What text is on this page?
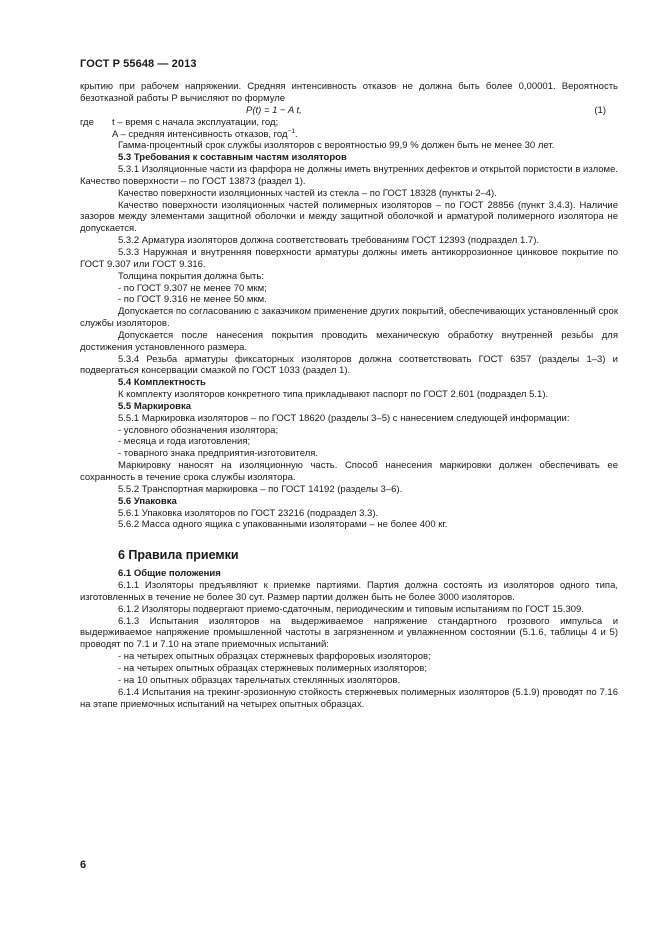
ГОСТ Р 55648 — 2013

крытию при рабочем напряжении. Средняя интенсивность отказов не должна быть более 0,00001. Вероятность безотказной работы P вычисляют по формуле

P(t) = 1 − A t,	(1)
где	t – время с начала эксплуатации, год;
A – средняя интенсивность отказов, год$^{-1}$.

Гамма-процентный срок службы изоляторов с вероятностью 99,9 % должен быть не менее 30 лет.

5.3 Требования к составным частям изоляторов

5.3.1 Изоляционные части из фарфора не должны иметь внутренних дефектов и открытой пористости в изломе. Качество поверхности – по ГОСТ 13873 (раздел 1).

Качество поверхности изоляционных частей из стекла – по ГОСТ 18328 (пункты 2–4).

Качество поверхности изоляционных частей полимерных изоляторов – по ГОСТ 28856 (пункт 3.4.3). Наличие зазоров между элементами защитной оболочки и между защитной оболочкой и арматурой полимерного изолятора не допускается.

5.3.2 Арматура изоляторов должна соответствовать требованиям ГОСТ 12393 (подраздел 1.7).

5.3.3 Наружная и внутренняя поверхности арматуры должны иметь антикоррозионное цинковое покрытие по ГОСТ 9.307 или ГОСТ 9.316.

Толщина покрытия должна быть:

- по ГОСТ 9.307 не менее 70 мкм;

- по ГОСТ 9.316 не менее 50 мкм.

Допускается по согласованию с заказчиком применение других покрытий, обеспечивающих установленный срок службы изоляторов.

Допускается после нанесения покрытия проводить механическую обработку внутренней резьбы для достижения установленного размера.

5.3.4 Резьба арматуры фиксаторных изоляторов должна соответствовать ГОСТ 6357 (разделы 1–3) и подвергаться консервации смазкой по ГОСТ 1033 (раздел 1).

5.4 Комплектность

К комплекту изоляторов конкретного типа прикладывают паспорт по ГОСТ 2.601 (подраздел 5.1).

5.5 Маркировка

5.5.1 Маркировка изоляторов – по ГОСТ 18620 (разделы 3–5) с нанесением следующей информации:

- условного обозначения изолятора;

- месяца и года изготовления;

- товарного знака предприятия-изготовителя.

Маркировку наносят на изоляционную часть. Способ нанесения маркировки должен обеспечивать ее сохранность в течение срока службы изолятора.

5.5.2 Транспортная маркировка – по ГОСТ 14192 (разделы 3–6).

5.6 Упаковка

5.6.1 Упаковка изоляторов по ГОСТ 23216 (подраздел 3.3).

5.6.2 Масса одного ящика с упакованными изоляторами – не более 400 кг.

6 Правила приемки

6.1 Общие положения

6.1.1 Изоляторы предъявляют к приемке партиями. Партия должна состоять из изоляторов одного типа, изготовленных в течение не более 30 сут. Размер партии должен быть не более 3000 изоляторов.

6.1.2 Изоляторы подвергают приемо-сдаточным, периодическим и типовым испытаниям по ГОСТ 15.309.

6.1.3 Испытания изоляторов на выдерживаемое напряжение стандартного грозового импульса и выдерживаемое напряжение промышленной частоты в загрязненном и увлажненном состоянии (5.1.6, таблицы 4 и 5) проводят по 7.1 и 7.10 на этапе приемочных испытаний:

- на четырех опытных образцах стержневых фарфоровых изоляторов;

- на четырех опытных образцах стержневых полимерных изоляторов;

- на 10 опытных образцах тарельчатых стеклянных изоляторов.

6.1.4 Испытания на трекинг-эрозионную стойкость стержневых полимерных изоляторов (5.1.9) проводят по 7.16 на этапе приемочных испытаний на четырех опытных образцах.

6
